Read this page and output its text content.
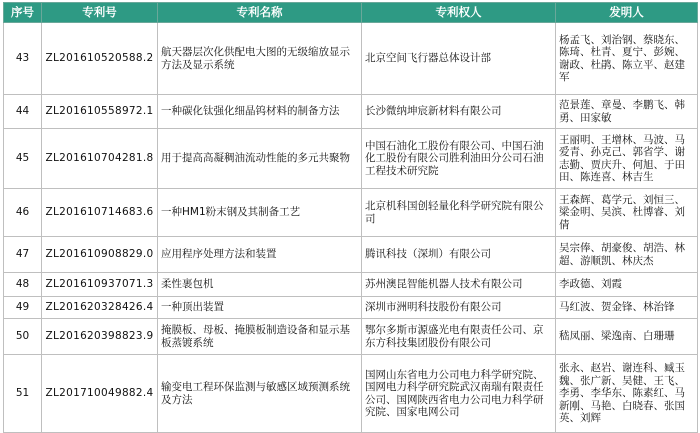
序号	专利号	专利名称	专利权人	发明人
43	ZL201610520588.2	航天器层次化供配电大图的无级缩放显示方法及显示系统	北京空间飞行器总体设计部	杨孟飞、刘治钢、蔡晓东、陈琦、杜青、夏宁、彭婉、谢政、杜鹃、陈立平、赵建军
44	ZL201610558972.1	一种碳化钛强化细晶钨材料的制备方法	长沙微纳坤宸新材料有限公司	范景莲、章曼、李鹏飞、韩勇、田家敏
45	ZL201610704281.8	用于提高高凝稠油流动性能的多元共聚物	中国石油化工股份有限公司、中国石油化工股份有限公司胜利油田分公司石油工程技术研究院	王丽明、王增林、马波、马爱青、孙克己、郭省学、谢志勤、贾庆升、何旭、于田田、陈连喜、林吉生
46	ZL201610714683.6	一种HM1粉末钢及其制备工艺	北京机科国创轻量化科学研究院有限公司	王森辉、葛学元、刘恒三、梁金明、吴滨、杜博睿、刘倩
47	ZL201610908829.0	应用程序处理方法和装置	腾讯科技（深圳）有限公司	吴宗俸、胡豪俊、胡浩、林超、游顺凯、林庆杰
48	ZL201610937071.3	柔性裹包机	苏州澳昆智能机器人技术有限公司	李政德、刘霞
49	ZL201620328426.4	一种顶出装置	深圳市洲明科技股份有限公司	马红波、贺金锋、林治锋
50	ZL201620398823.9	掩膜板、母板、掩膜板制造设备和显示基板蒸镀系统	鄂尔多斯市源盛光电有限责任公司、京东方科技集团股份有限公司	嵇凤丽、梁逸南、白珊珊
51	ZL201710049882.4	输变电工程环保监测与敏感区域预测系统及方法	国网山东省电力公司电力科学研究院、国网电力科学研究院武汉南瑞有限责任公司、国网陕西省电力公司电力科学研究院、国家电网公司	张永、赵岩、谢连科、臧玉魏、张广新、吴健、王飞、李勇、李华东、陈素红、马新刚、马艳、白晓春、张国英、刘辉
